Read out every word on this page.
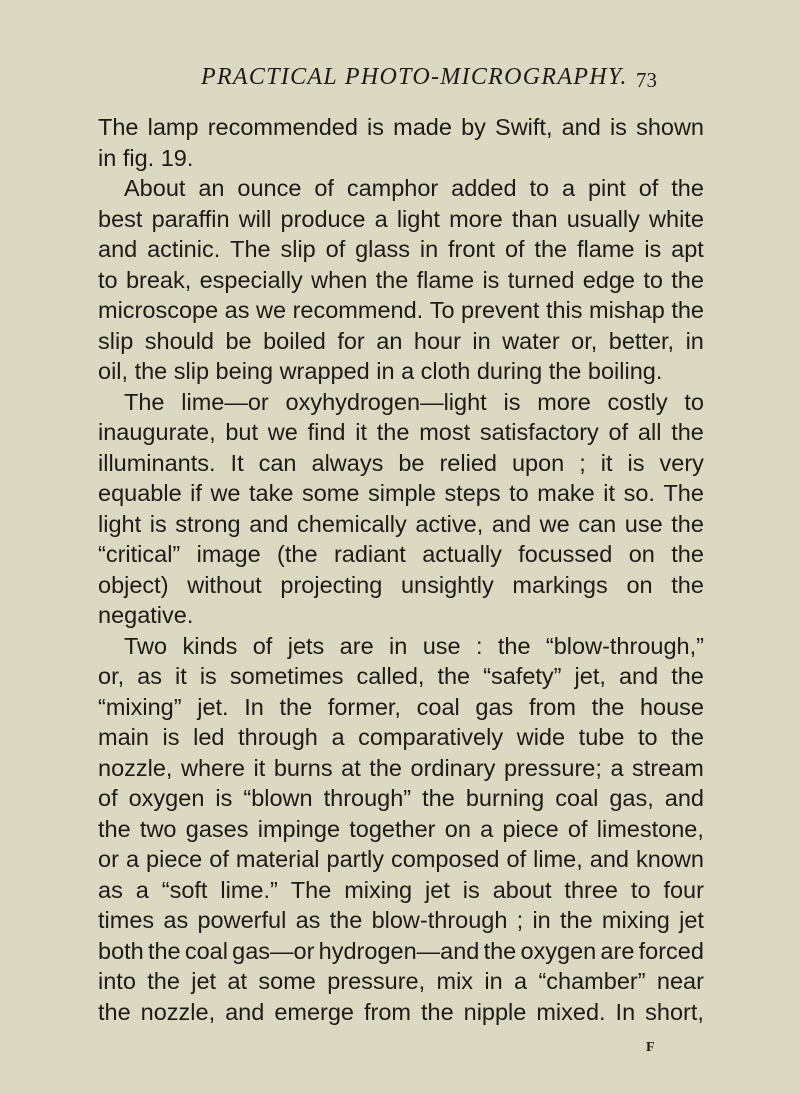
PRACTICAL PHOTO-MICROGRAPHY. 73
The lamp recommended is made by Swift, and is shown
in fig. 19.
About an ounce of camphor added to a pint of the
best paraffin will produce a light more than usually white
and actinic. The slip of glass in front of the flame is apt
to break, especially when the flame is turned edge to the
microscope as we recommend. To prevent this mishap the
slip should be boiled for an hour in water or, better, in
oil, the slip being wrapped in a cloth during the boiling.
The lime—or oxyhydrogen—light is more costly to
inaugurate, but we find it the most satisfactory of all the
illuminants. It can always be relied upon ; it is very
equable if we take some simple steps to make it so. The
light is strong and chemically active, and we can use the
“critical” image (the radiant actually focussed on the
object) without projecting unsightly markings on the
negative.
Two kinds of jets are in use : the “blow-through,”
or, as it is sometimes called, the “safety” jet, and the
“mixing” jet. In the former, coal gas from the house
main is led through a comparatively wide tube to the
nozzle, where it burns at the ordinary pressure; a stream
of oxygen is “blown through” the burning coal gas, and
the two gases impinge together on a piece of limestone,
or a piece of material partly composed of lime, and known
as a “soft lime.” The mixing jet is about three to four
times as powerful as the blow-through ; in the mixing jet
both the coal gas—or hydrogen—and the oxygen are forced
into the jet at some pressure, mix in a “chamber” near
the nozzle, and emerge from the nipple mixed. In short,
F
